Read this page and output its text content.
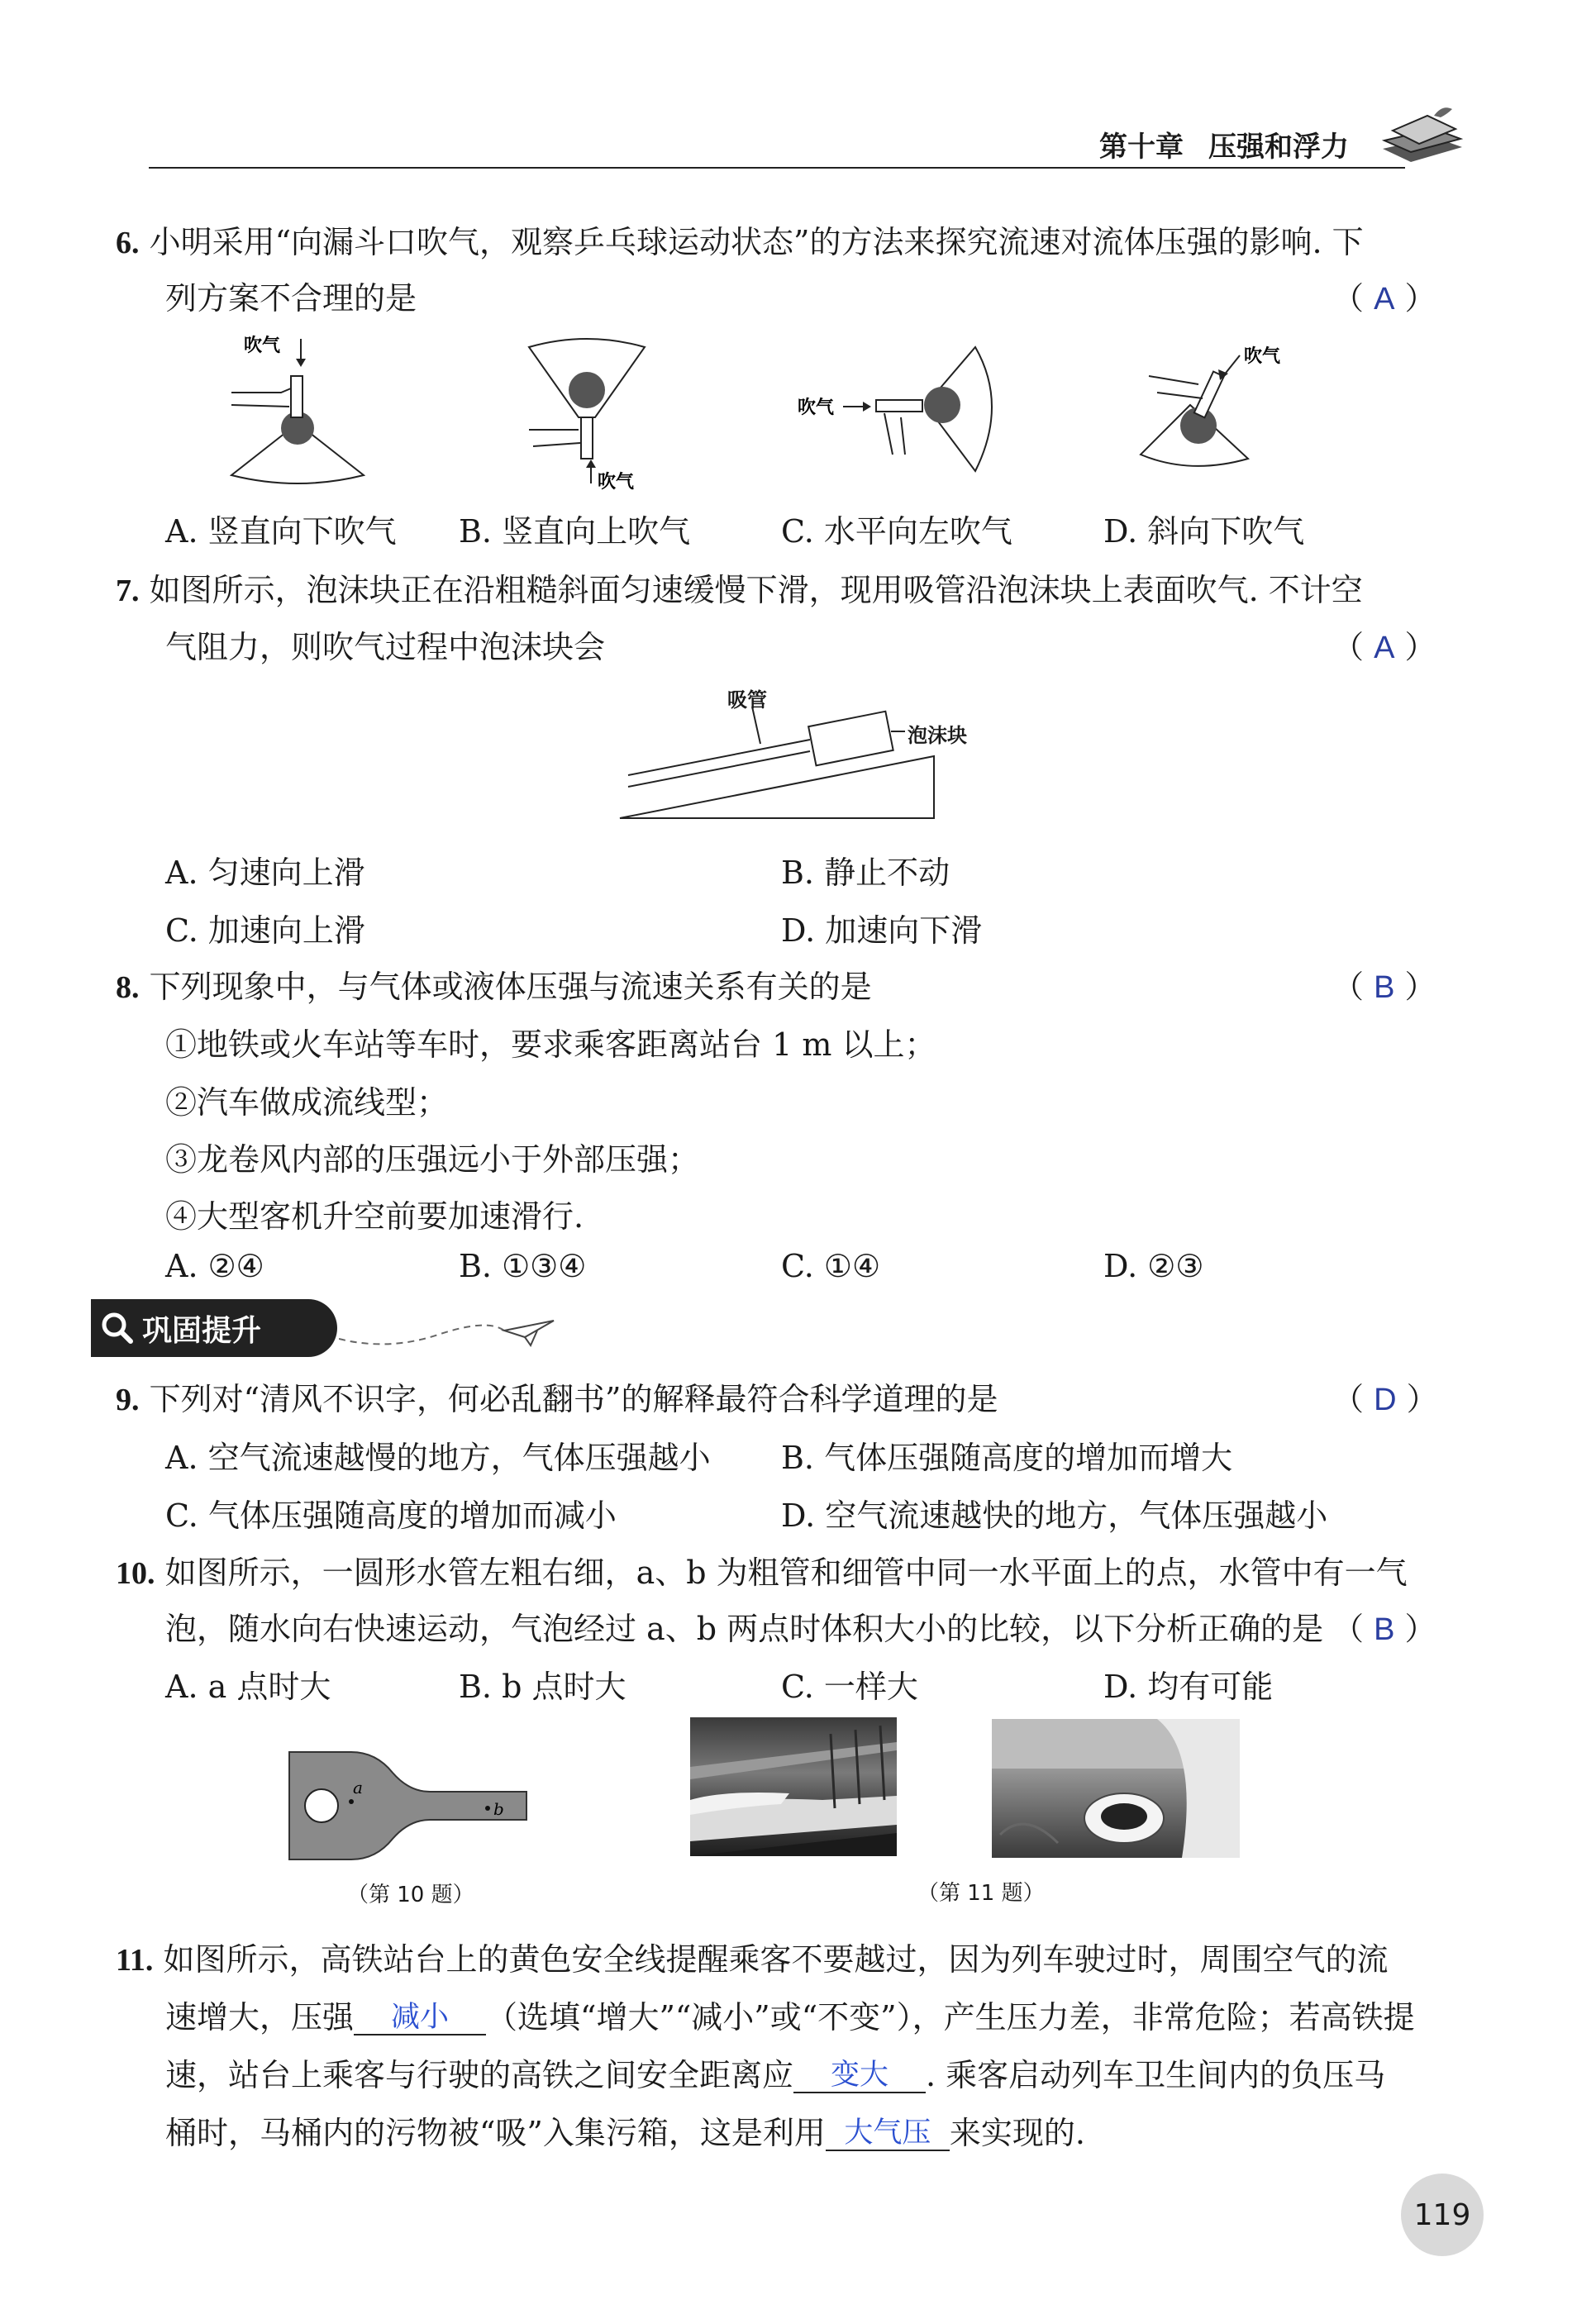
第十章 压强和浮力
6. 小明采用“向漏斗口吹气，观察乒乓球运动状态”的方法来探究流速对流体压强的影响. 下
列方案不合理的是	（ A ）
吹气
吹气
吹气
吹气
A. 竖直向下吹气 B. 竖直向上吹气	C. 水平向左吹气	D. 斜向下吹气
7. 如图所示，泡沫块正在沿粗糙斜面匀速缓慢下滑，现用吸管沿泡沫块上表面吹气. 不计空
气阻力，则吹气过程中泡沫块会	（ A ）
吸管
泡沫块
A. 匀速向上滑	B. 静止不动
C. 加速向上滑	D. 加速向下滑
8. 下列现象中，与气体或液体压强与流速关系有关的是	（ B ）
①地铁或火车站等车时，要求乘客距离站台 1 m 以上；
②汽车做成流线型；
③龙卷风内部的压强远小于外部压强；
④大型客机升空前要加速滑行.
A. ②④	B. ①③④	C. ①④	D. ②③
巩固提升
9. 下列对“清风不识字，何必乱翻书”的解释最符合科学道理的是	（ D ）
A. 空气流速越慢的地方，气体压强越小 B. 气体压强随高度的增加而增大
C. 气体压强随高度的增加而减小	D. 空气流速越快的地方，气体压强越小
10. 如图所示，一圆形水管左粗右细，a、b 为粗管和细管中同一水平面上的点，水管中有一气
泡，随水向右快速运动，气泡经过 a、b 两点时体积大小的比较，以下分析正确的是 （ B ）
A. a 点时大	B. b 点时大	C. 一样大	D. 均有可能
a
b
（第 10 题）	（第 11 题）
11. 如图所示，高铁站台上的黄色安全线提醒乘客不要越过，因为列车驶过时，周围空气的流
速增大，压强 减小 （选填“增大”“减小”或“不变”），产生压力差，非常危险；若高铁提
速，站台上乘客与行驶的高铁之间安全距离应 变大 . 乘客启动列车卫生间内的负压马
桶时，马桶内的污物被“吸”入集污箱，这是利用 大气压 来实现的.
119
